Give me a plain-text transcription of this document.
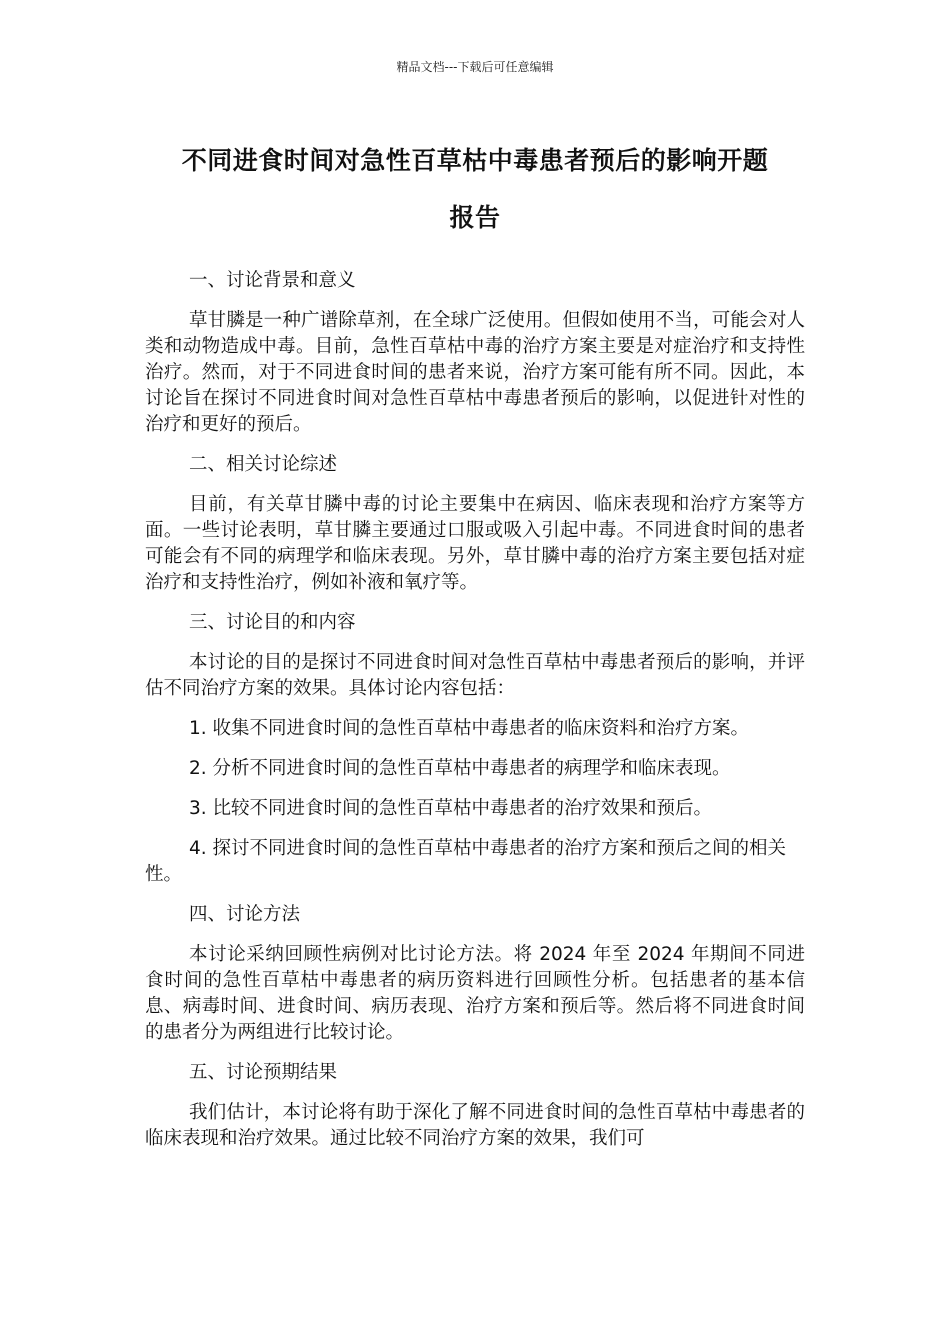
精品文档---下载后可任意编辑
不同进食时间对急性百草枯中毒患者预后的影响开题
报告

一、讨论背景和意义

草甘膦是一种广谱除草剂，在全球广泛使用。但假如使用不当，可能会对人类和动物造成中毒。目前，急性百草枯中毒的治疗方案主要是对症治疗和支持性治疗。然而，对于不同进食时间的患者来说，治疗方案可能有所不同。因此，本讨论旨在探讨不同进食时间对急性百草枯中毒患者预后的影响，以促进针对性的治疗和更好的预后。

二、相关讨论综述

目前，有关草甘膦中毒的讨论主要集中在病因、临床表现和治疗方案等方面。一些讨论表明，草甘膦主要通过口服或吸入引起中毒。不同进食时间的患者可能会有不同的病理学和临床表现。另外，草甘膦中毒的治疗方案主要包括对症治疗和支持性治疗，例如补液和氧疗等。

三、讨论目的和内容

本讨论的目的是探讨不同进食时间对急性百草枯中毒患者预后的影响，并评估不同治疗方案的效果。具体讨论内容包括：

1. 收集不同进食时间的急性百草枯中毒患者的临床资料和治疗方案。

2. 分析不同进食时间的急性百草枯中毒患者的病理学和临床表现。

3. 比较不同进食时间的急性百草枯中毒患者的治疗效果和预后。

4. 探讨不同进食时间的急性百草枯中毒患者的治疗方案和预后之间的相关性。

四、讨论方法

本讨论采纳回顾性病例对比讨论方法。将 2024 年至 2024 年期间不同进食时间的急性百草枯中毒患者的病历资料进行回顾性分析。包括患者的基本信息、病毒时间、进食时间、病历表现、治疗方案和预后等。然后将不同进食时间的患者分为两组进行比较讨论。

五、讨论预期结果

我们估计，本讨论将有助于深化了解不同进食时间的急性百草枯中毒患者的临床表现和治疗效果。通过比较不同治疗方案的效果，我们可
